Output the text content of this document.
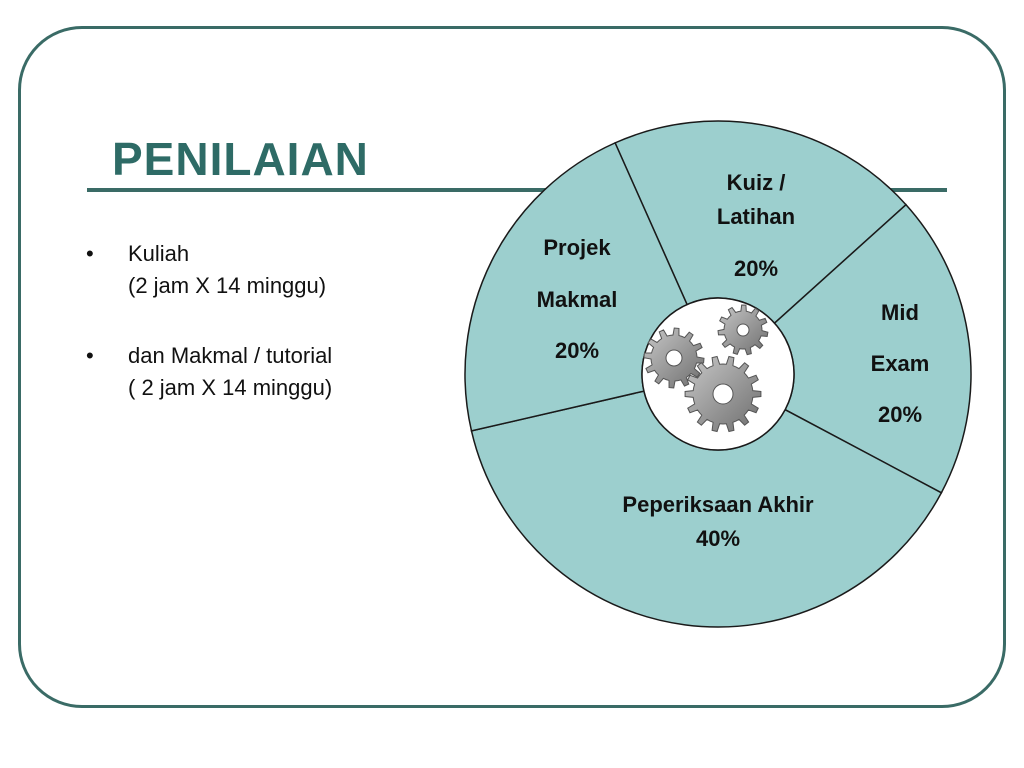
PENILAIAN
• Kuliah
(2 jam X 14 minggu)
• dan Makmal / tutorial
( 2 jam X 14 minggu)
Kuiz /
Latihan
20%
Mid
Exam
20%
Peperiksaan Akhir
40%
Projek
Makmal
20%
